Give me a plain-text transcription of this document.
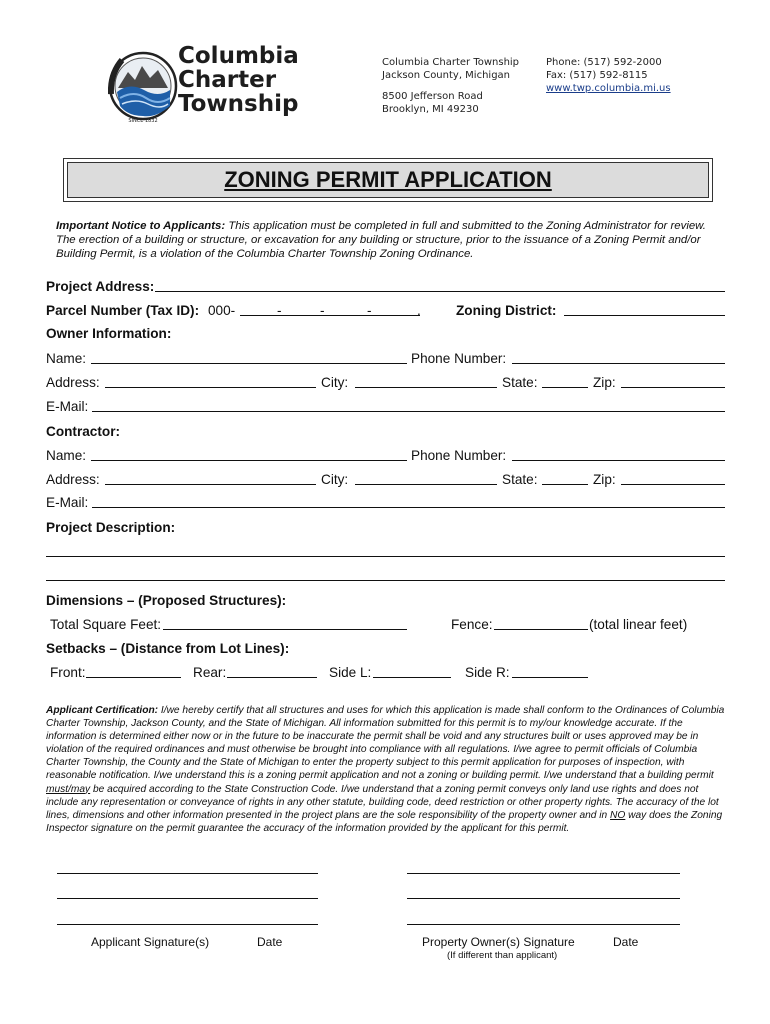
SINCE 1832
Columbia
Charter
Township
Columbia Charter Township
Jackson County, Michigan
8500 Jefferson Road
Brooklyn, MI 49230
Phone: (517) 592-2000
Fax: (517) 592-8115
www.twp.columbia.mi.us
ZONING PERMIT APPLICATION
Important Notice to Applicants: This application must be completed in full and submitted to the Zoning Administrator for review. The erection of a building or structure, or excavation for any building or structure, prior to the issuance of a Zoning Permit and/or Building Permit, is a violation of the Columbia Charter Township Zoning Ordinance.
Project Address:
Parcel Number (Tax ID): 000-	-	-	-	.	Zoning District:
Owner Information:
Name:	Phone Number:
Address:	City:	State:	Zip:
E-Mail:
Contractor:
Name:	Phone Number:
Address:	City:	State:	Zip:
E-Mail:
Project Description:
Dimensions – (Proposed Structures):
Total Square Feet:	Fence:	(total linear feet)
Setbacks – (Distance from Lot Lines):
Front:	Rear:	Side L:	Side R:
Applicant Certification: I/we hereby certify that all structures and uses for which this application is made shall conform to the Ordinances of Columbia Charter Township, Jackson County, and the State of Michigan. All information submitted for this permit is to my/our knowledge accurate. If the information is determined either now or in the future to be inaccurate the permit shall be void and any structures built or uses approved may be in violation of the required ordinances and must otherwise be brought into compliance with all regulations. I/we agree to permit officials of Columbia Charter Township, the County and the State of Michigan to enter the property subject to this permit application for purposes of inspection, with reasonable notification. I/we understand this is a zoning permit application and not a zoning or building permit. I/we understand that a building permit must/may be acquired according to the State Construction Code. I/we understand that a zoning permit conveys only land use rights and does not include any representation or conveyance of rights in any other statute, building code, deed restriction or other property rights. The accuracy of the lot lines, dimensions and other information presented in the project plans are the sole responsibility of the property owner and in NO way does the Zoning Inspector signature on the permit guarantee the accuracy of the information provided by the applicant for this permit.
Applicant Signature(s)	Date	Property Owner(s) Signature	Date
(If different than applicant)
